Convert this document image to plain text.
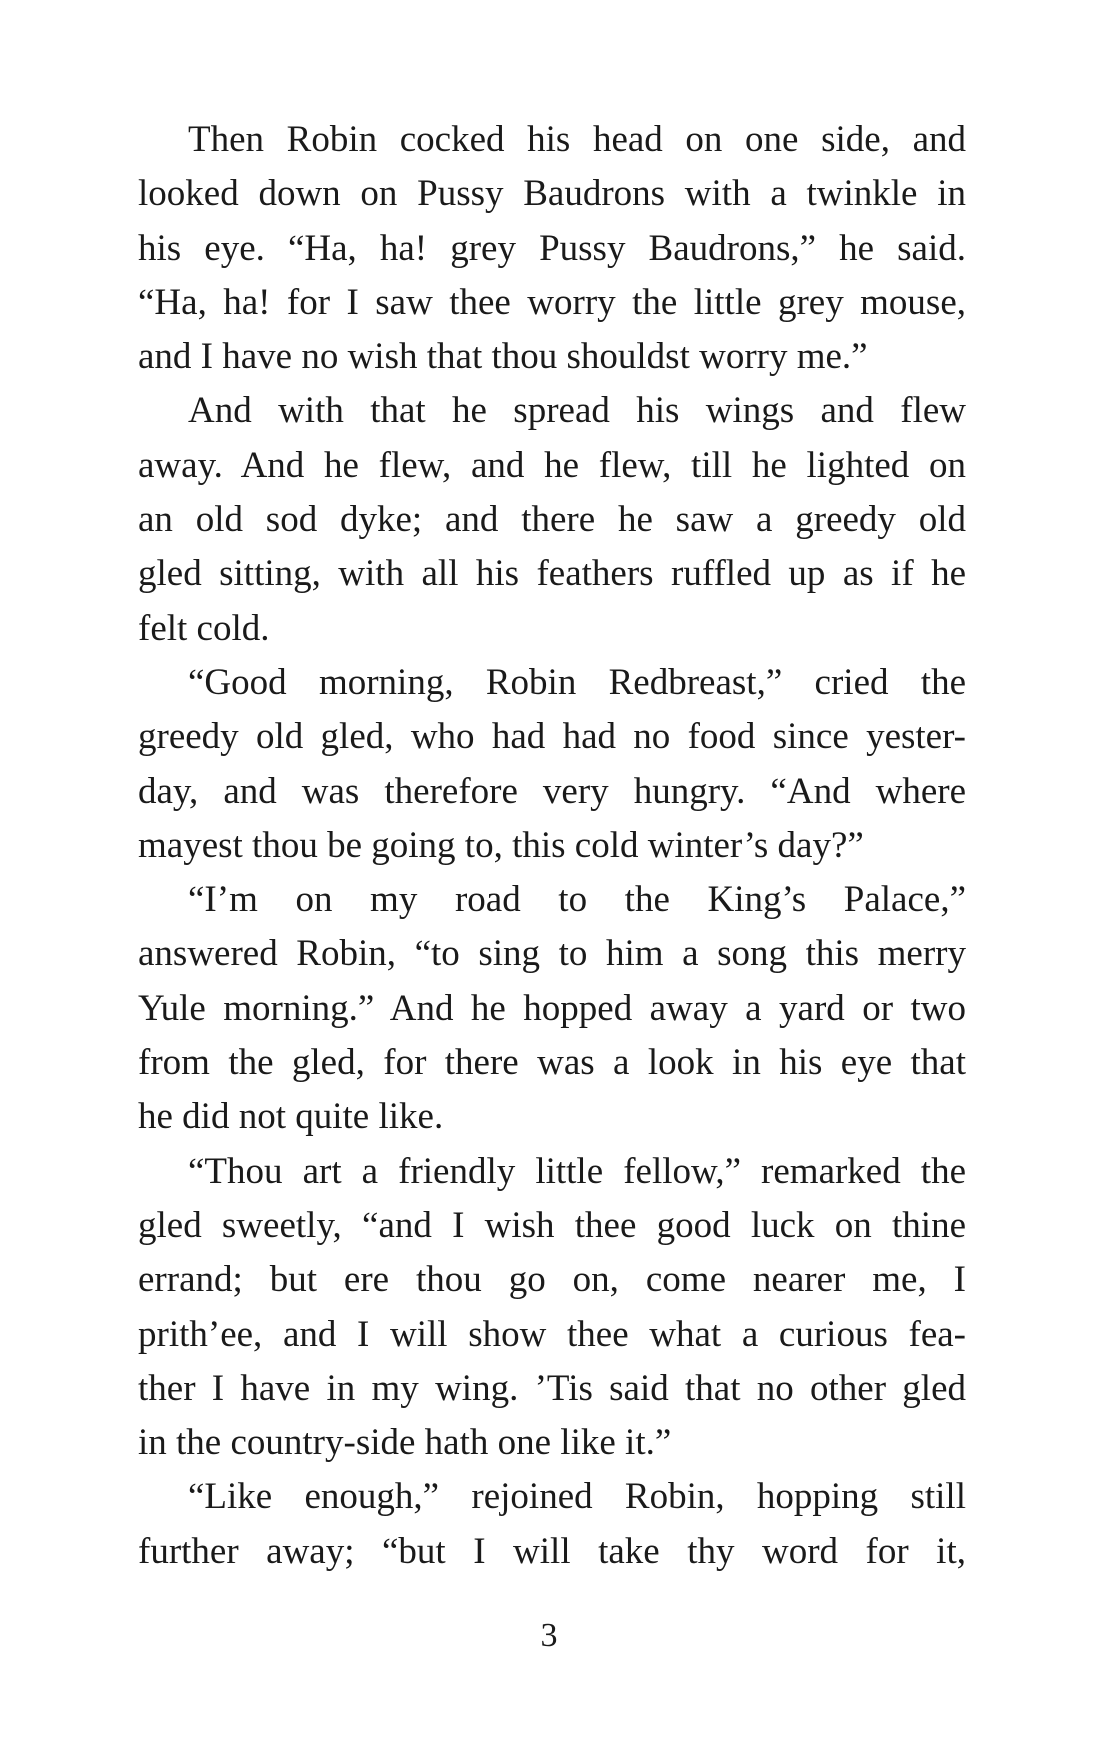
Then Robin cocked his head on one side, and
looked down on Pussy Baudrons with a twinkle in
his eye. “Ha, ha! grey Pussy Baudrons,” he said.
“Ha, ha! for I saw thee worry the little grey mouse,
and I have no wish that thou shouldst worry me.”
And with that he spread his wings and flew
away. And he flew, and he flew, till he lighted on
an old sod dyke; and there he saw a greedy old
gled sitting, with all his feathers ruffled up as if he
felt cold.
“Good morning, Robin Redbreast,” cried the
greedy old gled, who had had no food since yester-
day, and was therefore very hungry. “And where
mayest thou be going to, this cold winter’s day?”
“I’m on my road to the King’s Palace,”
answered Robin, “to sing to him a song this merry
Yule morning.” And he hopped away a yard or two
from the gled, for there was a look in his eye that
he did not quite like.
“Thou art a friendly little fellow,” remarked the
gled sweetly, “and I wish thee good luck on thine
errand; but ere thou go on, come nearer me, I
prith’ee, and I will show thee what a curious fea-
ther I have in my wing. ’Tis said that no other gled
in the country-side hath one like it.”
“Like enough,” rejoined Robin, hopping still
further away; “but I will take thy word for it,
3
